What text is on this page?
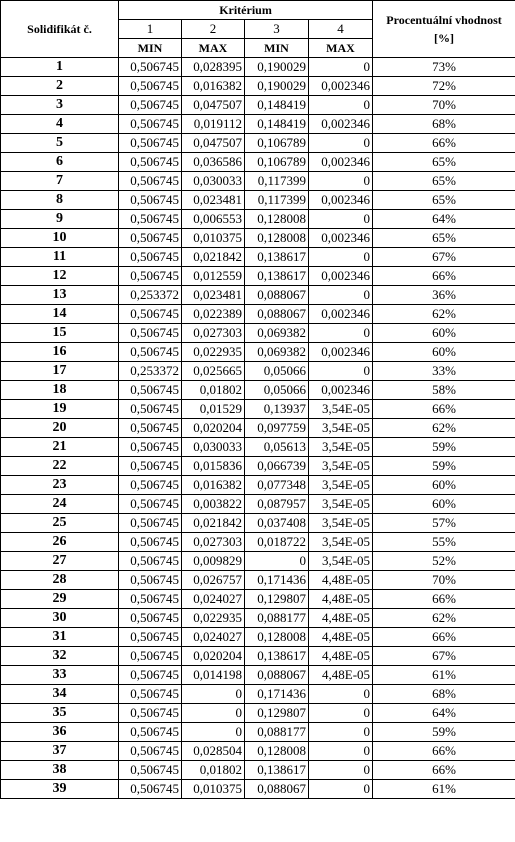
Solidifikát č.	Kritérium				Procentuální vhodnost [%]
	1	2	3	4	
	MIN	MAX	MIN	MAX	
1	0,506745	0,028395	0,190029	0	73%
2	0,506745	0,016382	0,190029	0,002346	72%
3	0,506745	0,047507	0,148419	0	70%
4	0,506745	0,019112	0,148419	0,002346	68%
5	0,506745	0,047507	0,106789	0	66%
6	0,506745	0,036586	0,106789	0,002346	65%
7	0,506745	0,030033	0,117399	0	65%
8	0,506745	0,023481	0,117399	0,002346	65%
9	0,506745	0,006553	0,128008	0	64%
10	0,506745	0,010375	0,128008	0,002346	65%
11	0,506745	0,021842	0,138617	0	67%
12	0,506745	0,012559	0,138617	0,002346	66%
13	0,253372	0,023481	0,088067	0	36%
14	0,506745	0,022389	0,088067	0,002346	62%
15	0,506745	0,027303	0,069382	0	60%
16	0,506745	0,022935	0,069382	0,002346	60%
17	0,253372	0,025665	0,05066	0	33%
18	0,506745	0,01802	0,05066	0,002346	58%
19	0,506745	0,01529	0,13937	3,54E-05	66%
20	0,506745	0,020204	0,097759	3,54E-05	62%
21	0,506745	0,030033	0,05613	3,54E-05	59%
22	0,506745	0,015836	0,066739	3,54E-05	59%
23	0,506745	0,016382	0,077348	3,54E-05	60%
24	0,506745	0,003822	0,087957	3,54E-05	60%
25	0,506745	0,021842	0,037408	3,54E-05	57%
26	0,506745	0,027303	0,018722	3,54E-05	55%
27	0,506745	0,009829	0	3,54E-05	52%
28	0,506745	0,026757	0,171436	4,48E-05	70%
29	0,506745	0,024027	0,129807	4,48E-05	66%
30	0,506745	0,022935	0,088177	4,48E-05	62%
31	0,506745	0,024027	0,128008	4,48E-05	66%
32	0,506745	0,020204	0,138617	4,48E-05	67%
33	0,506745	0,014198	0,088067	4,48E-05	61%
34	0,506745	0	0,171436	0	68%
35	0,506745	0	0,129807	0	64%
36	0,506745	0	0,088177	0	59%
37	0,506745	0,028504	0,128008	0	66%
38	0,506745	0,01802	0,138617	0	66%
39	0,506745	0,010375	0,088067	0	61%
